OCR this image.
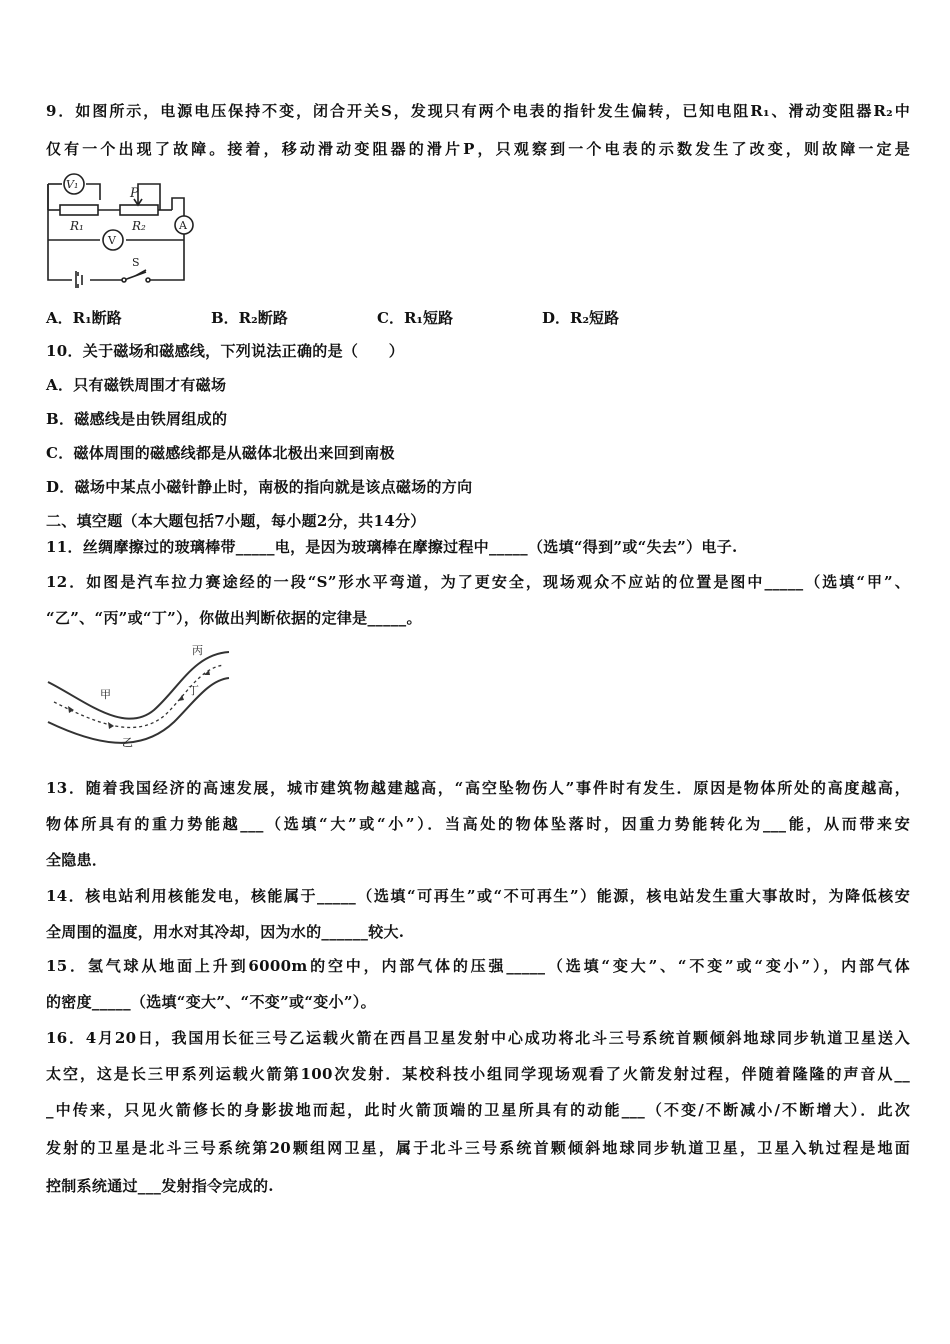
9．如图所示，电源电压保持不变，闭合开关S，发现只有两个电表的指针发生偏转，已知电阻R₁、滑动变阻器R₂中
仅有一个出现了故障。接着，移动滑动变阻器的滑片P，只观察到一个电表的示数发生了改变，则故障一定是
V₁
P
R₁	R₂	A
V
S
A．R₁断路	B．R₂断路	C．R₁短路	D．R₂短路
10．关于磁场和磁感线，下列说法正确的是（　　）
A．只有磁铁周围才有磁场
B．磁感线是由铁屑组成的
C．磁体周围的磁感线都是从磁体北极出来回到南极
D．磁场中某点小磁针静止时，南极的指向就是该点磁场的方向
二、填空题（本大题包括7小题，每小题2分，共14分）
11．丝绸摩擦过的玻璃棒带_____电，是因为玻璃棒在摩擦过程中_____（选填“得到”或“失去”）电子.
12．如图是汽车拉力赛途经的一段“S”形水平弯道，为了更安全，现场观众不应站的位置是图中_____（选填“甲”、
“乙”、“丙”或“丁”），你做出判断依据的定律是_____。
甲
乙
丙
丁
13．随着我国经济的高速发展，城市建筑物越建越高，“高空坠物伤人”事件时有发生．原因是物体所处的高度越高，
物体所具有的重力势能越___（选填“大”或“小”）．当高处的物体坠落时，因重力势能转化为___能，从而带来安
全隐患．
14．核电站利用核能发电，核能属于_____（选填“可再生”或“不可再生”）能源，核电站发生重大事故时，为降低核安
全周围的温度，用水对其冷却，因为水的______较大.
15．氢气球从地面上升到6000m的空中，内部气体的压强_____（选填“变大”、“不变”或“变小”），内部气体
的密度_____（选填“变大”、“不变”或“变小”）。
16．4月20日，我国用长征三号乙运载火箭在西昌卫星发射中心成功将北斗三号系统首颗倾斜地球同步轨道卫星送入
太空，这是长三甲系列运载火箭第100次发射．某校科技小组同学现场观看了火箭发射过程，伴随着隆隆的声音从__
_中传来，只见火箭修长的身影拔地而起，此时火箭顶端的卫星所具有的动能___（不变/不断减小/不断增大）．此次
发射的卫星是北斗三号系统第20颗组网卫星，属于北斗三号系统首颗倾斜地球同步轨道卫星，卫星入轨过程是地面
控制系统通过___发射指令完成的.
